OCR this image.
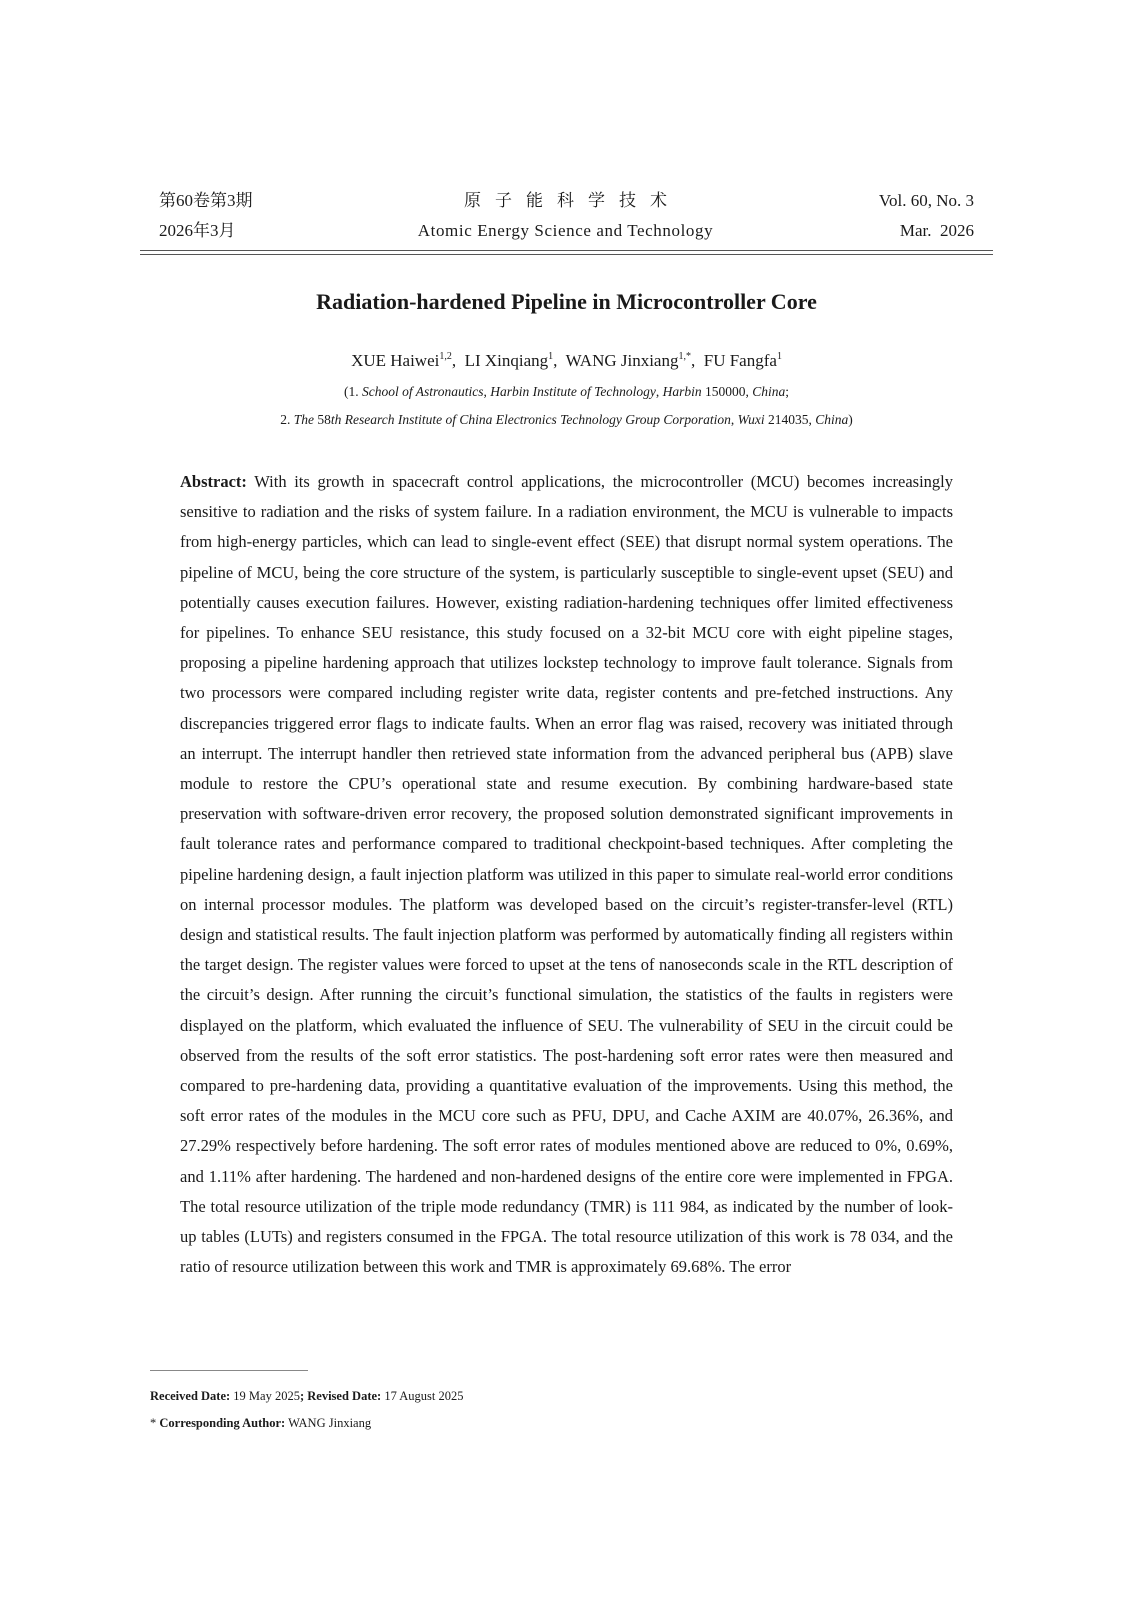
第60卷第3期
2026年3月
原子能科学技术
Atomic Energy Science and Technology
Vol. 60, No. 3
Mar.  2026
Radiation-hardened Pipeline in Microcontroller Core
XUE Haiwei$^{1,2}$,  LI Xinqiang$^1$,  WANG Jinxiang$^{1,*}$,  FU Fangfa$^1$
(1. School of Astronautics, Harbin Institute of Technology, Harbin 150000, China;
2. The 58th Research Institute of China Electronics Technology Group Corporation, Wuxi 214035, China)
Abstract: With its growth in spacecraft control applications, the microcontroller (MCU) becomes increasingly sensitive to radiation and the risks of system failure. In a radiation environment, the MCU is vulnerable to impacts from high-energy particles, which can lead to single-event effect (SEE) that disrupt normal system operations. The pipeline of MCU, being the core structure of the system, is particularly susceptible to single-event upset (SEU) and potentially causes execution failures. However, existing radiation-hardening techniques offer limited effectiveness for pipelines. To enhance SEU resistance, this study focused on a 32-bit MCU core with eight pipeline stages, proposing a pipeline hardening approach that utilizes lockstep technology to improve fault tolerance. Signals from two processors were compared including register write data, register contents and pre-fetched instructions. Any discrepancies triggered error flags to indicate faults. When an error flag was raised, recovery was initiated through an interrupt. The interrupt handler then retrieved state information from the advanced peripheral bus (APB) slave module to restore the CPU’s operational state and resume execution. By combining hardware-based state preservation with software-driven error recovery, the proposed solution demonstrated significant improvements in fault tolerance rates and performance compared to traditional checkpoint-based techniques. After completing the pipeline hardening design, a fault injection platform was utilized in this paper to simulate real-world error conditions on internal processor modules. The platform was developed based on the circuit’s register-transfer-level (RTL) design and statistical results. The fault injection platform was performed by automatically finding all registers within the target design. The register values were forced to upset at the tens of nanoseconds scale in the RTL description of the circuit’s design. After running the circuit’s functional simulation, the statistics of the faults in registers were displayed on the platform, which evaluated the influence of SEU. The vulnerability of SEU in the circuit could be observed from the results of the soft error statistics. The post-hardening soft error rates were then measured and compared to pre-hardening data, providing a quantitative evaluation of the improvements. Using this method, the soft error rates of the modules in the MCU core such as PFU, DPU, and Cache AXIM are 40.07%, 26.36%, and 27.29% respectively before hardening. The soft error rates of modules mentioned above are reduced to 0%, 0.69%, and 1.11% after hardening. The hardened and non-hardened designs of the entire core were implemented in FPGA. The total resource utilization of the triple mode redundancy (TMR) is 111 984, as indicated by the number of look-up tables (LUTs) and registers consumed in the FPGA. The total resource utilization of this work is 78 034, and the ratio of resource utilization between this work and TMR is approximately 69.68%. The error
Received Date: 19 May 2025; Revised Date: 17 August 2025
* Corresponding Author: WANG Jinxiang
